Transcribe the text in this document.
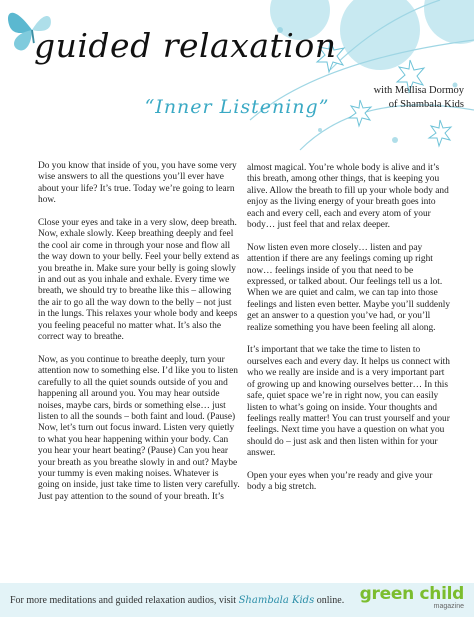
guided relaxation
with Mellisa Dormoy
of Shambala Kids
“Inner Listening”

Do you know that inside of you, you have some very wise answers to all the questions you’ll ever have about your life? It’s true. Today we’re going to learn how.

Close your eyes and take in a very slow, deep breath. Now, exhale slowly. Keep breathing deeply and feel the cool air come in through your nose and flow all the way down to your belly. Feel your belly extend as you breathe in. Make sure your belly is going slowly in and out as you inhale and exhale. Every time we breath, we should try to breathe like this – allowing the air to go all the way down to the belly – not just in the lungs. This relaxes your whole body and keeps you feeling peaceful no matter what. It’s also the correct way to breathe.

Now, as you continue to breathe deeply, turn your attention now to something else. I’d like you to listen carefully to all the quiet sounds outside of you and happening all around you. You may hear outside noises, maybe cars, birds or something else… just listen to all the sounds – both faint and loud. (Pause) Now, let’s turn out focus inward. Listen very quietly to what you hear happening within your body. Can you hear your heart beating? (Pause) Can you hear your breath as you breathe slowly in and out? Maybe your tummy is even making noises. Whatever is going on inside, just take time to listen very carefully. Just pay attention to the sound of your breath. It’s

almost magical. You’re whole body is alive and it’s this breath, among other things, that is keeping you alive. Allow the breath to fill up your whole body and enjoy as the living energy of your breath goes into each and every cell, each and every atom of your body… just feel that and relax deeper.

Now listen even more closely… listen and pay attention if there are any feelings coming up right now… feelings inside of you that need to be expressed, or talked about. Our feelings tell us a lot. When we are quiet and calm, we can tap into those feelings and listen even better. Maybe you’ll suddenly get an answer to a question you’ve had, or you’ll realize something you have been feeling all along.

It’s important that we take the time to listen to ourselves each and every day. It helps us connect with who we really are inside and is a very important part of growing up and knowing ourselves better… In this safe, quiet space we’re in right now, you can easily listen to what’s going on inside. Your thoughts and feelings really matter! You can trust yourself and your feelings. Next time you have a question on what you should do – just ask and then listen within for your answer.

Open your eyes when you’re ready and give your body a big stretch.

For more meditations and guided relaxation audios, visit Shambala Kids online. green child
magazine
